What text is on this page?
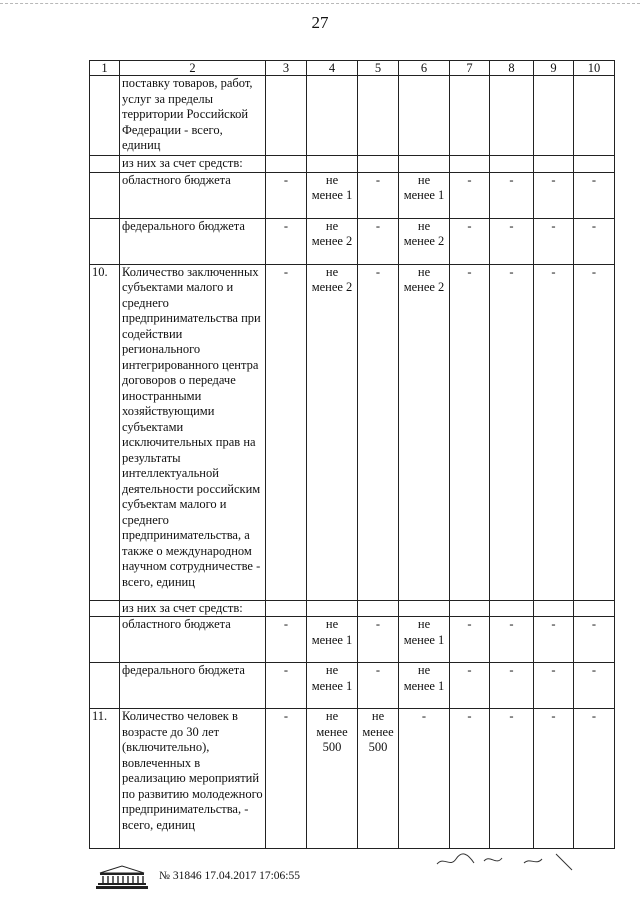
27
1	2	3	4	5	6	7	8	9	10
	поставку товаров, работ, услуг за пределы территории Российской Федерации - всего, единиц								
	из них за счет средств:								
	областного бюджета	-	не менее 1	-	не менее 1	-	-	-	-
	федерального бюджета	-	не менее 2	-	не менее 2	-	-	-	-
10.	Количество заключенных субъектами малого и среднего предпринимательства при содействии регионального интегрированного центра договоров о передаче иностранными хозяйствующими субъектами исключительных прав на результаты интеллектуальной деятельности российским субъектам малого и среднего предпринимательства, а также о международном научном сотрудничестве - всего, единиц	-	не менее 2	-	не менее 2	-	-	-	-
	из них за счет средств:								
	областного бюджета	-	не менее 1	-	не менее 1	-	-	-	-
	федерального бюджета	-	не менее 1	-	не менее 1	-	-	-	-
11.	Количество человек в возрасте до 30 лет (включительно), вовлеченных в реализацию мероприятий по развитию молодежного предпринимательства, - всего, единиц	-	не менее 500	не менее 500	-	-	-	-	-
№ 31846 17.04.2017 17:06:55
